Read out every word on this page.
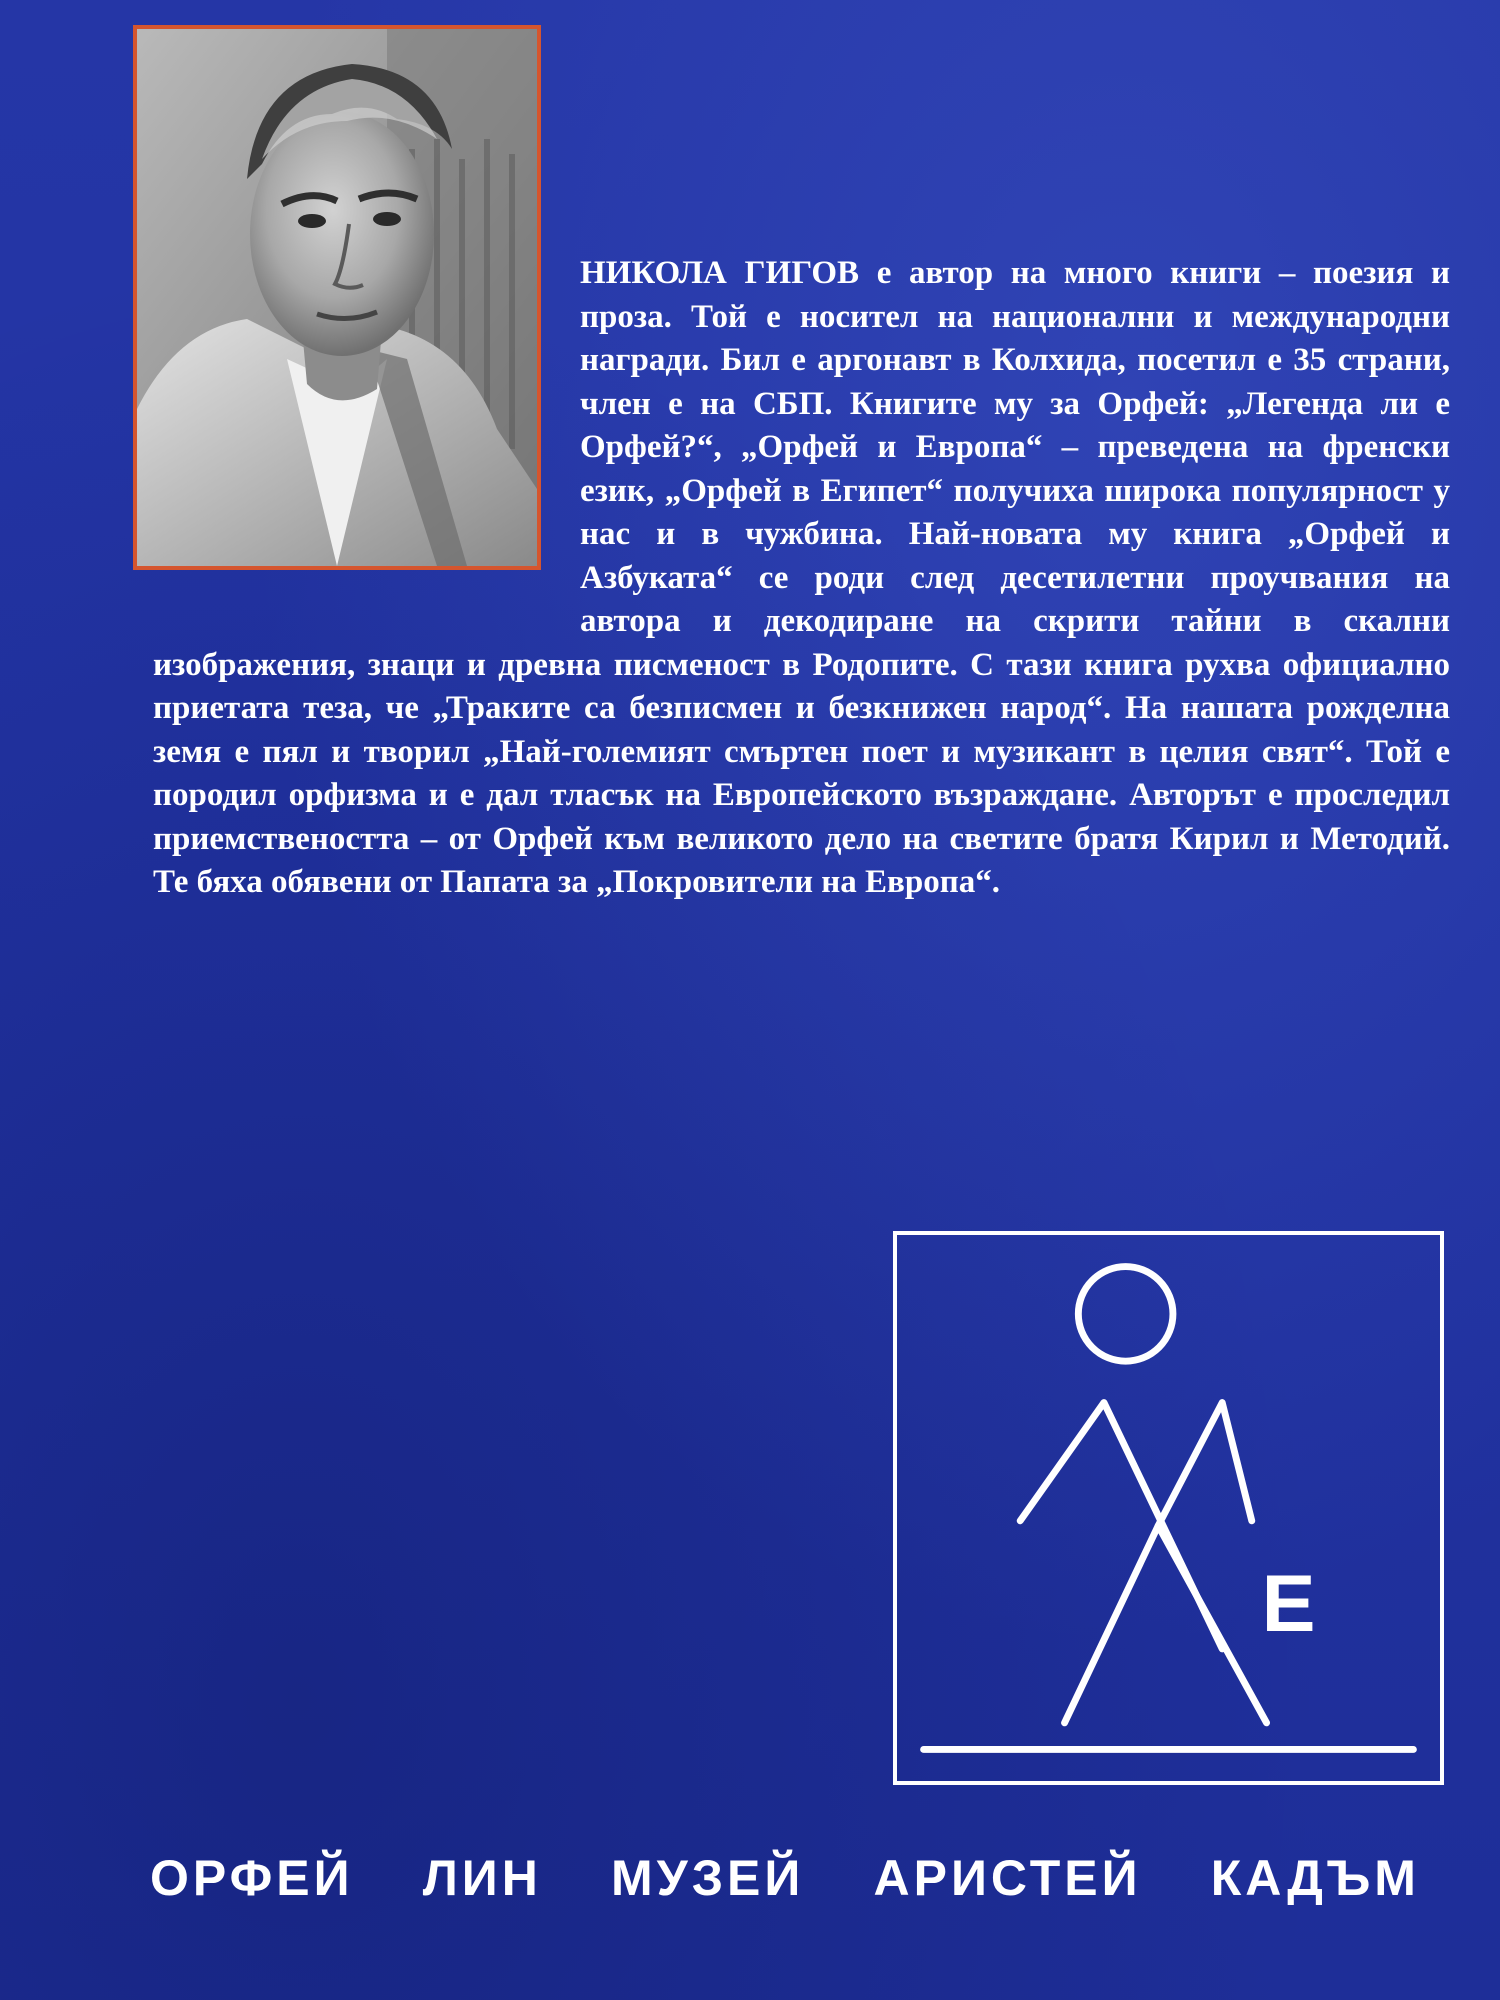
НИКОЛА ГИГОВ е автор на много книги – поезия и проза. Той е носител на национални и международни награди. Бил е аргонавт в Колхида, посетил е 35 страни, член е на СБП. Книгите му за Орфей: „Легенда ли е Орфей?“, „Орфей и Европа“ – преведена на френски език, „Орфей в Египет“ получиха широка популярност у нас и в чужбина. Най-новата му книга „Орфей и Азбуката“ се роди след десетилетни проучвания на автора и декодиране на скрити тайни в скални изображения, знаци и древна писменост в Родопите. С тази книга рухва официално приетата теза, че „Траките са безписмен и безкнижен народ“. На нашата рожделна земя е пял и творил „Най-големият смъртен поет и музикант в целия свят“. Той е породил орфизма и е дал тласък на Европейското възраждане. Авторът е проследил приемствеността – от Орфей към великото дело на светите братя Кирил и Методий. Те бяха обявени от Папата за „Покровители на Европа“.

E
ОРФЕЙ ЛИН МУЗЕЙ АРИСТЕЙ КАДЪМ
